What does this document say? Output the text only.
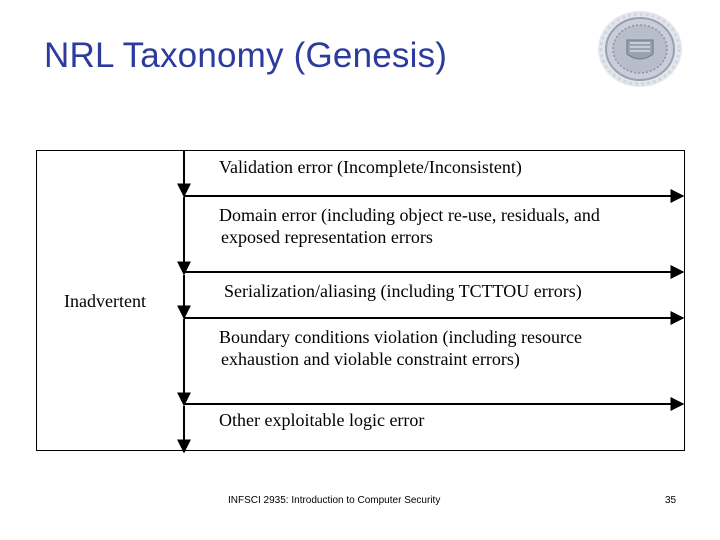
NRL Taxonomy (Genesis)
Inadvertent
Validation error (Incomplete/Inconsistent)
Domain error (including object re-use, residuals, and
exposed representation errors
Serialization/aliasing (including TCTTOU errors)
Boundary conditions violation (including resource
exhaustion and violable constraint errors)
Other exploitable logic error
INFSCI 2935: Introduction to Computer Security	35
